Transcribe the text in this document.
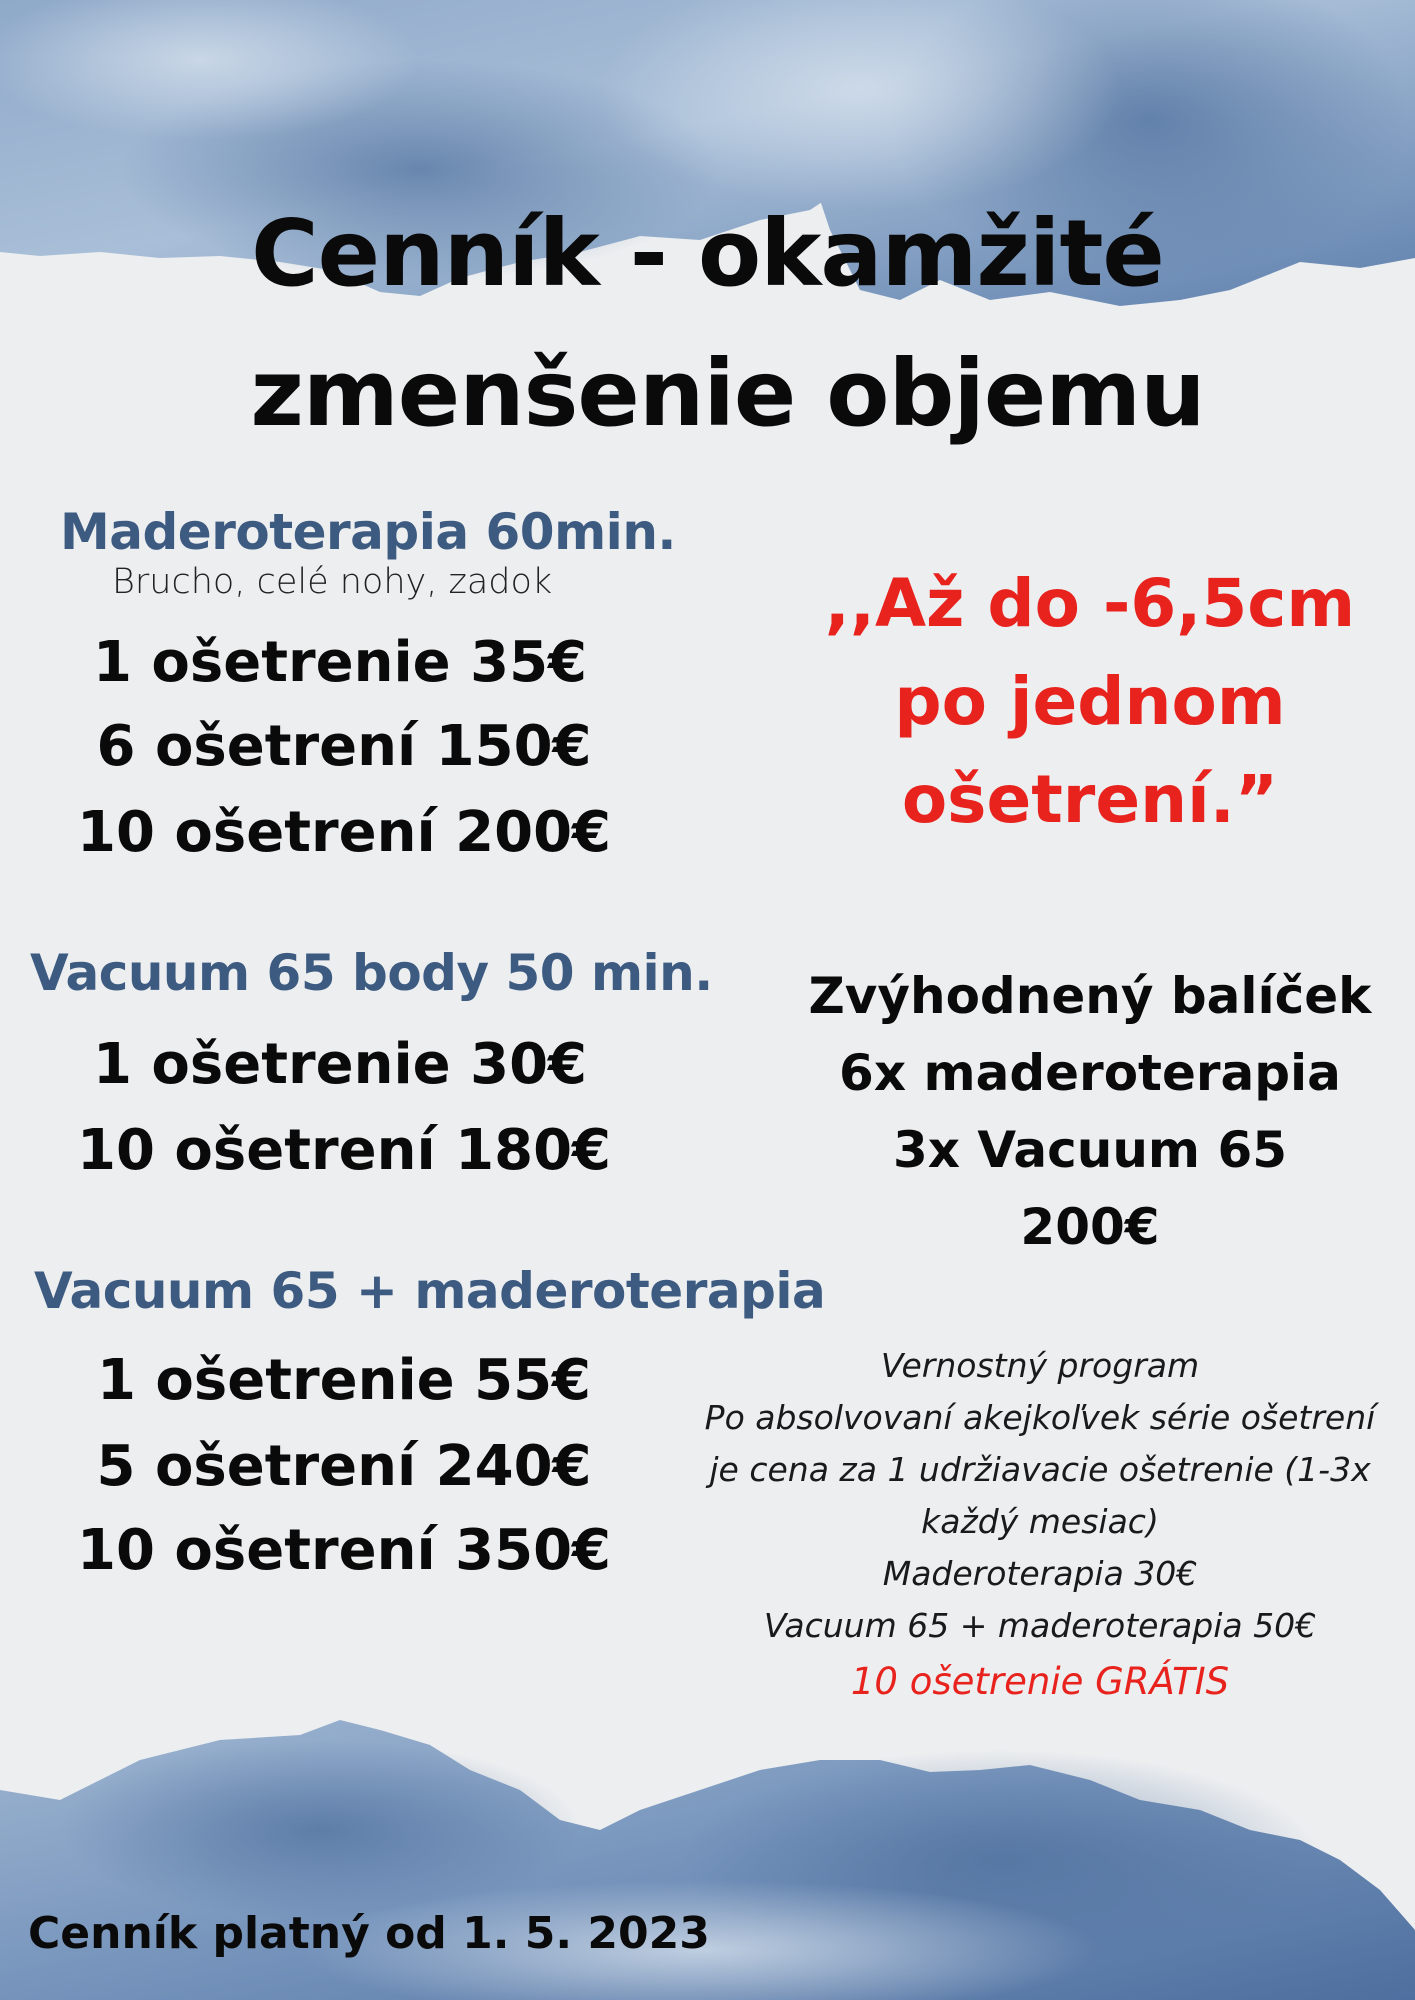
Cenník - okamžité
zmenšenie objemu
Maderoterapia 60min.
Brucho, celé nohy, zadok
1 ošetrenie 35€
6 ošetrení 150€
10 ošetrení 200€
Vacuum 65 body 50 min.
1 ošetrenie 30€
10 ošetrení 180€
Vacuum 65 + maderoterapia
1 ošetrenie 55€
5 ošetrení 240€
10 ošetrení 350€
,,Až do -6,5cm
po jednom
ošetrení.”
Zvýhodnený balíček
6x maderoterapia
3x Vacuum 65
200€
Vernostný program
Po absolvovaní akejkoľvek série ošetrení
je cena za 1 udržiavacie ošetrenie (1-3x
každý mesiac)
Maderoterapia 30€
Vacuum 65 + maderoterapia 50€
10 ošetrenie GRÁTIS
Cenník platný od 1. 5. 2023
